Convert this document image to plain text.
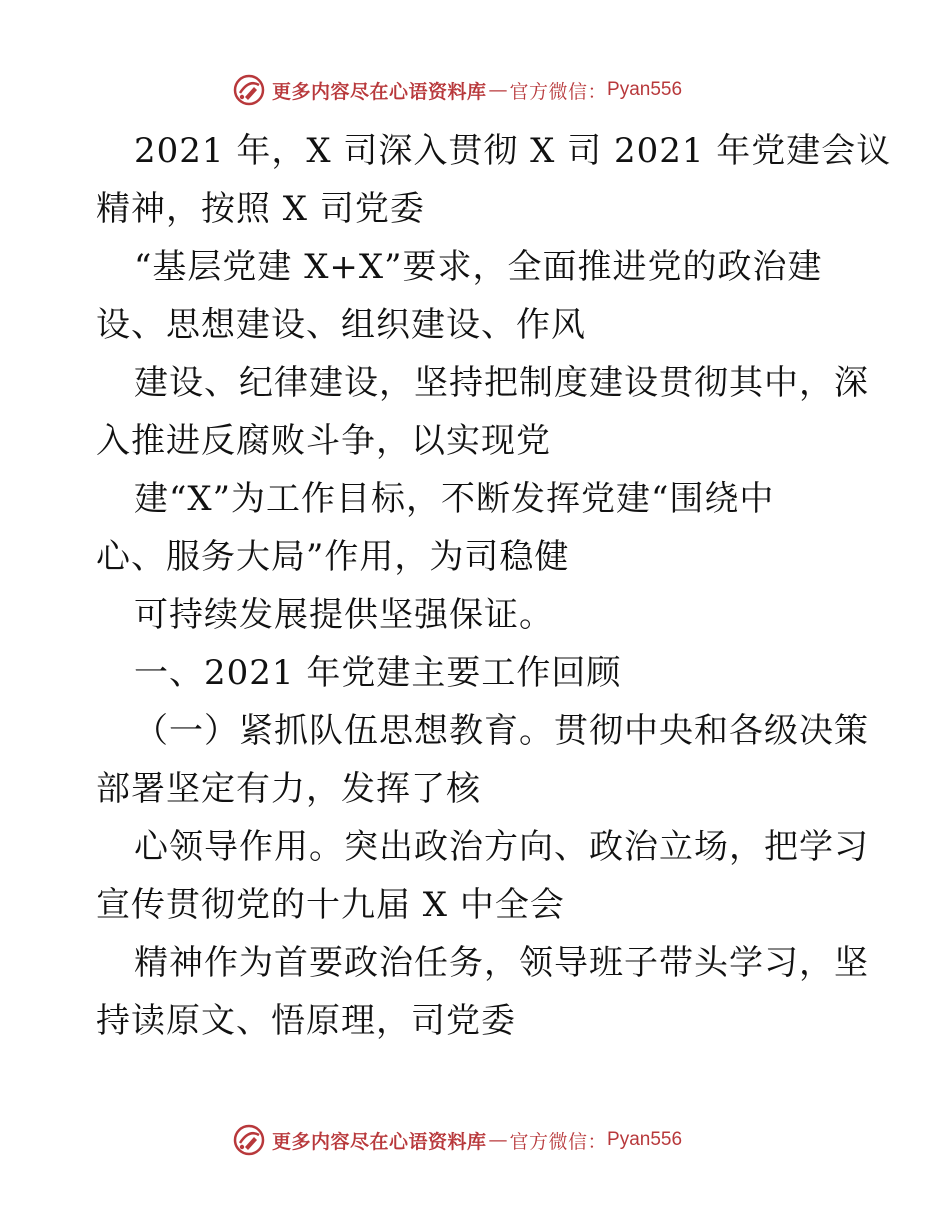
更多内容尽在心语资料库 — 官方微信： Pyan556
2021 年，X 司深入贯彻 X 司 2021 年党建会议
精神，按照 X 司党委
“基层党建 X+X”要求，全面推进党的政治建
设、思想建设、组织建设、作风
建设、纪律建设，坚持把制度建设贯彻其中，深
入推进反腐败斗争，以实现党
建“X”为工作目标，不断发挥党建“围绕中
心、服务大局”作用，为司稳健
可持续发展提供坚强保证。
一、2021 年党建主要工作回顾
（一）紧抓队伍思想教育。贯彻中央和各级决策
部署坚定有力，发挥了核
心领导作用。突出政治方向、政治立场，把学习
宣传贯彻党的十九届 X 中全会
精神作为首要政治任务，领导班子带头学习，坚
持读原文、悟原理，司党委
更多内容尽在心语资料库 — 官方微信： Pyan556
